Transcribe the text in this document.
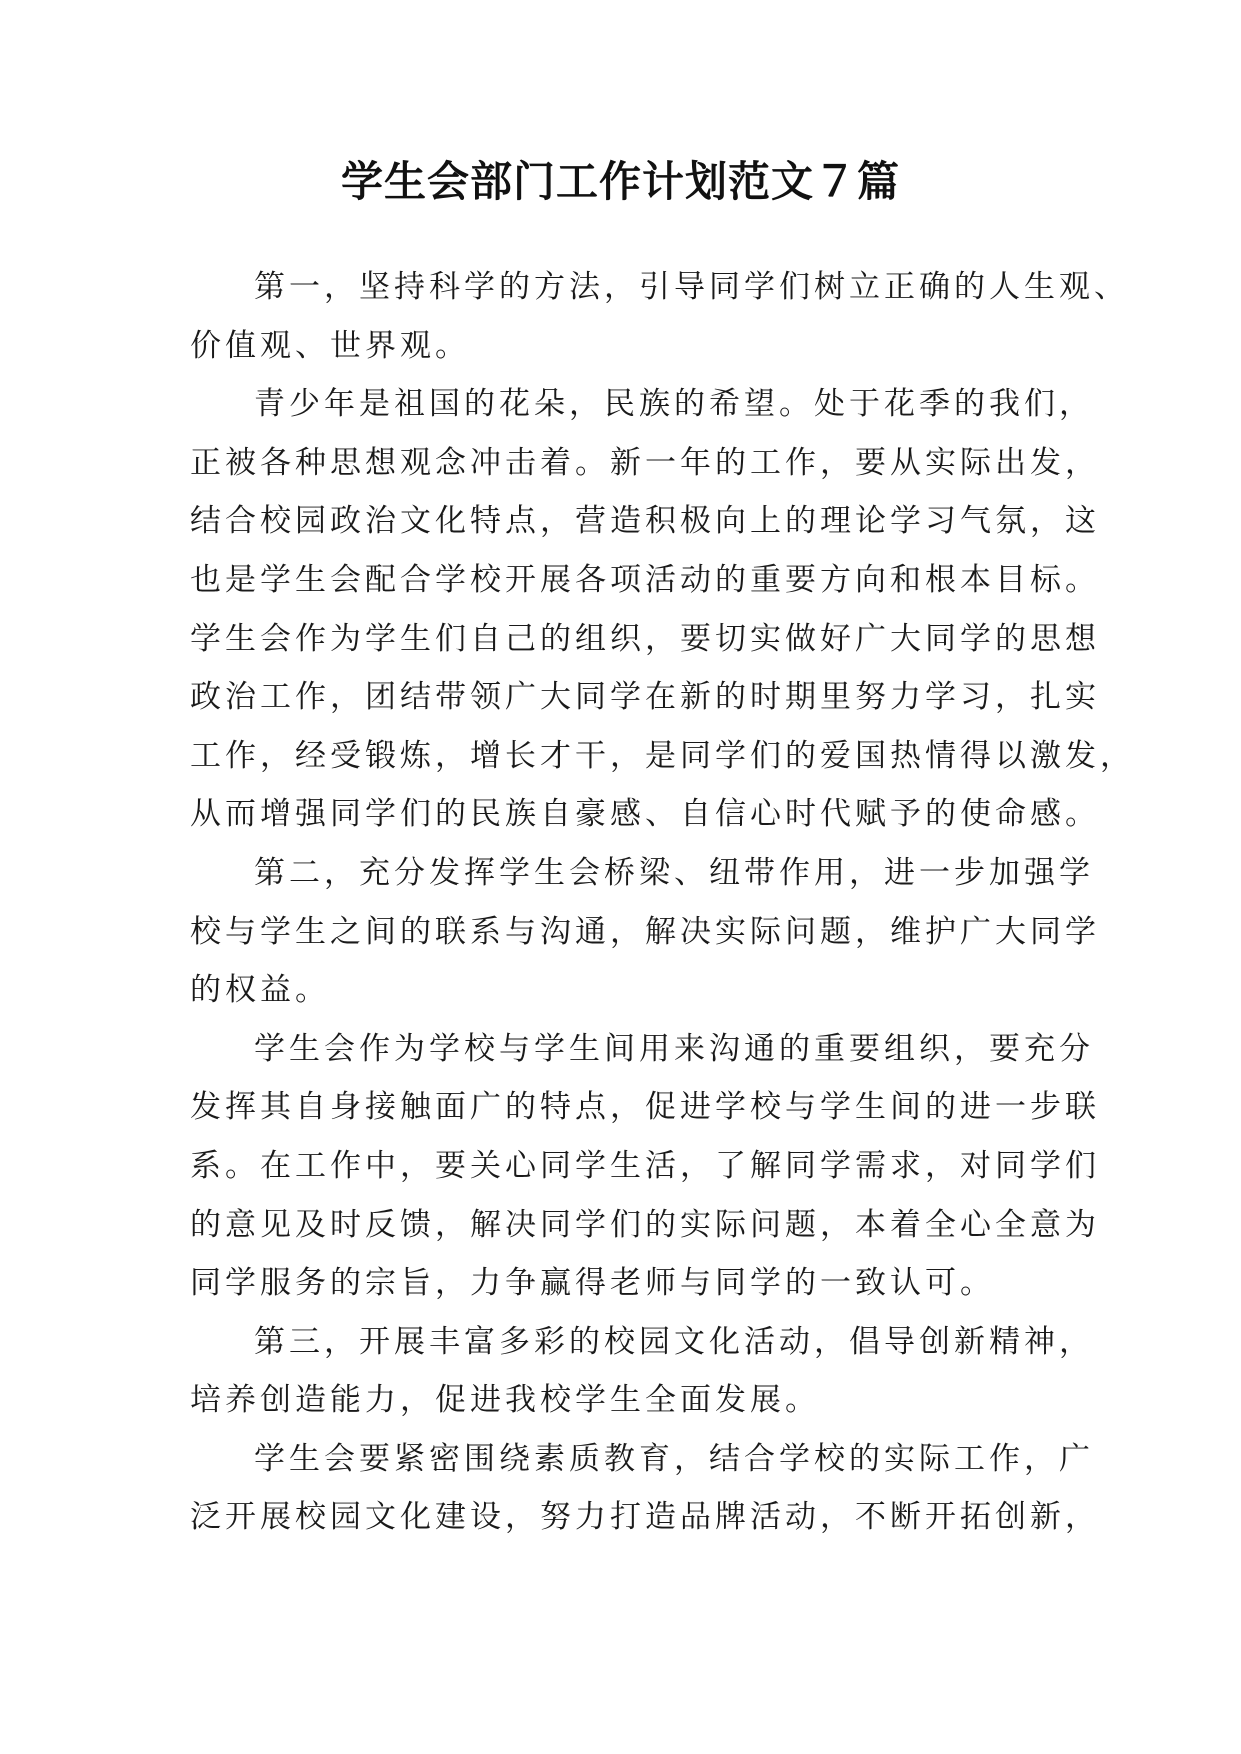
学生会部门工作计划范文７篇
第一，坚持科学的方法，引导同学们树立正确的人生观、
价值观、世界观。
青少年是祖国的花朵，民族的希望。处于花季的我们，
正被各种思想观念冲击着。新一年的工作，要从实际出发，
结合校园政治文化特点，营造积极向上的理论学习气氛，这
也是学生会配合学校开展各项活动的重要方向和根本目标。
学生会作为学生们自己的组织，要切实做好广大同学的思想
政治工作，团结带领广大同学在新的时期里努力学习，扎实
工作，经受锻炼，增长才干，是同学们的爱国热情得以激发，
从而增强同学们的民族自豪感、自信心时代赋予的使命感。
第二，充分发挥学生会桥梁、纽带作用，进一步加强学
校与学生之间的联系与沟通，解决实际问题，维护广大同学
的权益。
学生会作为学校与学生间用来沟通的重要组织，要充分
发挥其自身接触面广的特点，促进学校与学生间的进一步联
系。在工作中，要关心同学生活，了解同学需求，对同学们
的意见及时反馈，解决同学们的实际问题，本着全心全意为
同学服务的宗旨，力争赢得老师与同学的一致认可。
第三，开展丰富多彩的校园文化活动，倡导创新精神，
培养创造能力，促进我校学生全面发展。
学生会要紧密围绕素质教育，结合学校的实际工作，广
泛开展校园文化建设，努力打造品牌活动，不断开拓创新，
